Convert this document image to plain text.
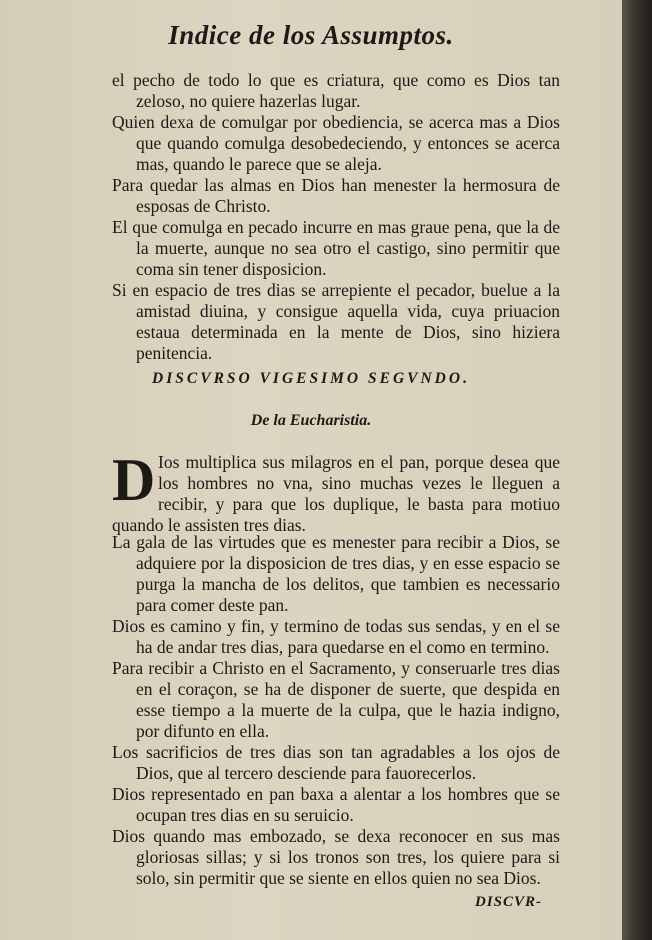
Indice de los Assumptos.

el pecho de todo lo que es criatura, que como es Dios tan zeloso, no quiere hazerlas lugar.

Quien dexa de comulgar por obediencia, se acerca mas a Dios que quando comulga desobedeciendo, y entonces se acerca mas, quando le parece que se aleja.

Para quedar las almas en Dios han menester la hermosura de esposas de Christo.

El que comulga en pecado incurre en mas graue pena, que la de la muerte, aunque no sea otro el castigo, sino permitir que coma sin tener disposicion.

Si en espacio de tres dias se arrepiente el pecador, buelue a la amistad diuina, y consigue aquella vida, cuya priuacion estaua determinada en la mente de Dios, sino hiziera penitencia.

DISCVRSO VIGESIMO SEGVNDO.
De la Eucharistia.
D Ios multiplica sus milagros en el pan, porque desea que los hombres no vna, sino muchas vezes le lleguen a recibir, y para que los duplique, le basta para motiuo quando le assisten tres dias.

La gala de las virtudes que es menester para recibir a Dios, se adquiere por la disposicion de tres dias, y en esse espacio se purga la mancha de los delitos, que tambien es necessario para comer deste pan.

Dios es camino y fin, y termino de todas sus sendas, y en el se ha de andar tres dias, para quedarse en el como en termino.

Para recibir a Christo en el Sacramento, y conseruarle tres dias en el coraçon, se ha de disponer de suerte, que despida en esse tiempo a la muerte de la culpa, que le hazia indigno, por difunto en ella.

Los sacrificios de tres dias son tan agradables a los ojos de Dios, que al tercero desciende para fauorecerlos.

Dios representado en pan baxa a alentar a los hombres que se ocupan tres dias en su seruicio.

Dios quando mas embozado, se dexa reconocer en sus mas gloriosas sillas; y si los tronos son tres, los quiere para si solo, sin permitir que se siente en ellos quien no sea Dios.

DISCVR-
